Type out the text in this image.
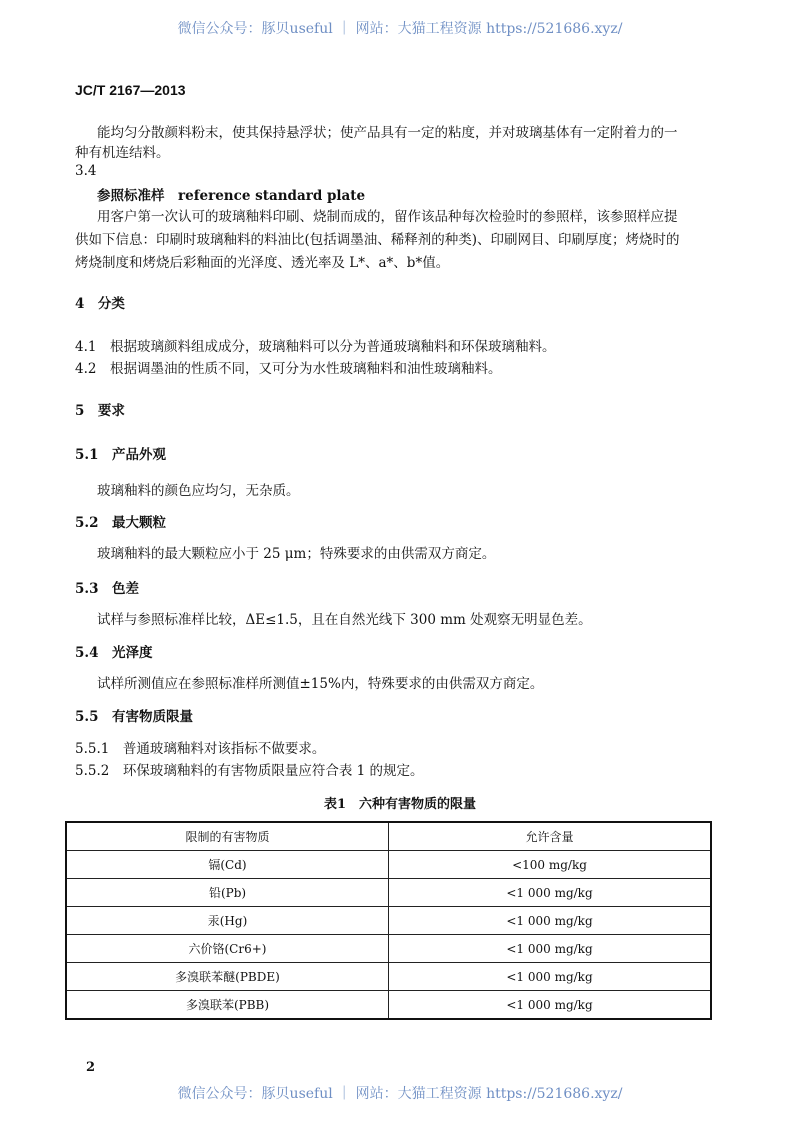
微信公众号：豚贝useful ｜ 网站：大猫工程资源 https://521686.xyz/
JC/T 2167—2013
能均匀分散颜料粉末，使其保持悬浮状；使产品具有一定的粘度，并对玻璃基体有一定附着力的一
种有机连结料。
3.4
参照标准样　reference standard plate
用客户第一次认可的玻璃釉料印刷、烧制而成的，留作该品种每次检验时的参照样，该参照样应提
供如下信息：印刷时玻璃釉料的料油比(包括调墨油、稀释剂的种类)、印刷网目、印刷厚度；烤烧时的
烤烧制度和烤烧后彩釉面的光泽度、透光率及 L*、a*、b*值。
4　分类
4.1　根据玻璃颜料组成成分，玻璃釉料可以分为普通玻璃釉料和环保玻璃釉料。
4.2　根据调墨油的性质不同，又可分为水性玻璃釉料和油性玻璃釉料。
5　要求
5.1　产品外观
玻璃釉料的颜色应均匀，无杂质。
5.2　最大颗粒
玻璃釉料的最大颗粒应小于 25 μm；特殊要求的由供需双方商定。
5.3　色差
试样与参照标准样比较，ΔE≤1.5，且在自然光线下 300 mm 处观察无明显色差。
5.4　光泽度
试样所测值应在参照标准样所测值±15%内，特殊要求的由供需双方商定。
5.5　有害物质限量
5.5.1　普通玻璃釉料对该指标不做要求。
5.5.2　环保玻璃釉料的有害物质限量应符合表 1 的规定。
表1　六种有害物质的限量
限制的有害物质	允许含量
镉(Cd)	<100 mg/kg
铅(Pb)	<1 000 mg/kg
汞(Hg)	<1 000 mg/kg
六价铬(Cr6+)	<1 000 mg/kg
多溴联苯醚(PBDE)	<1 000 mg/kg
多溴联苯(PBB)	<1 000 mg/kg
2
微信公众号：豚贝useful ｜ 网站：大猫工程资源 https://521686.xyz/
